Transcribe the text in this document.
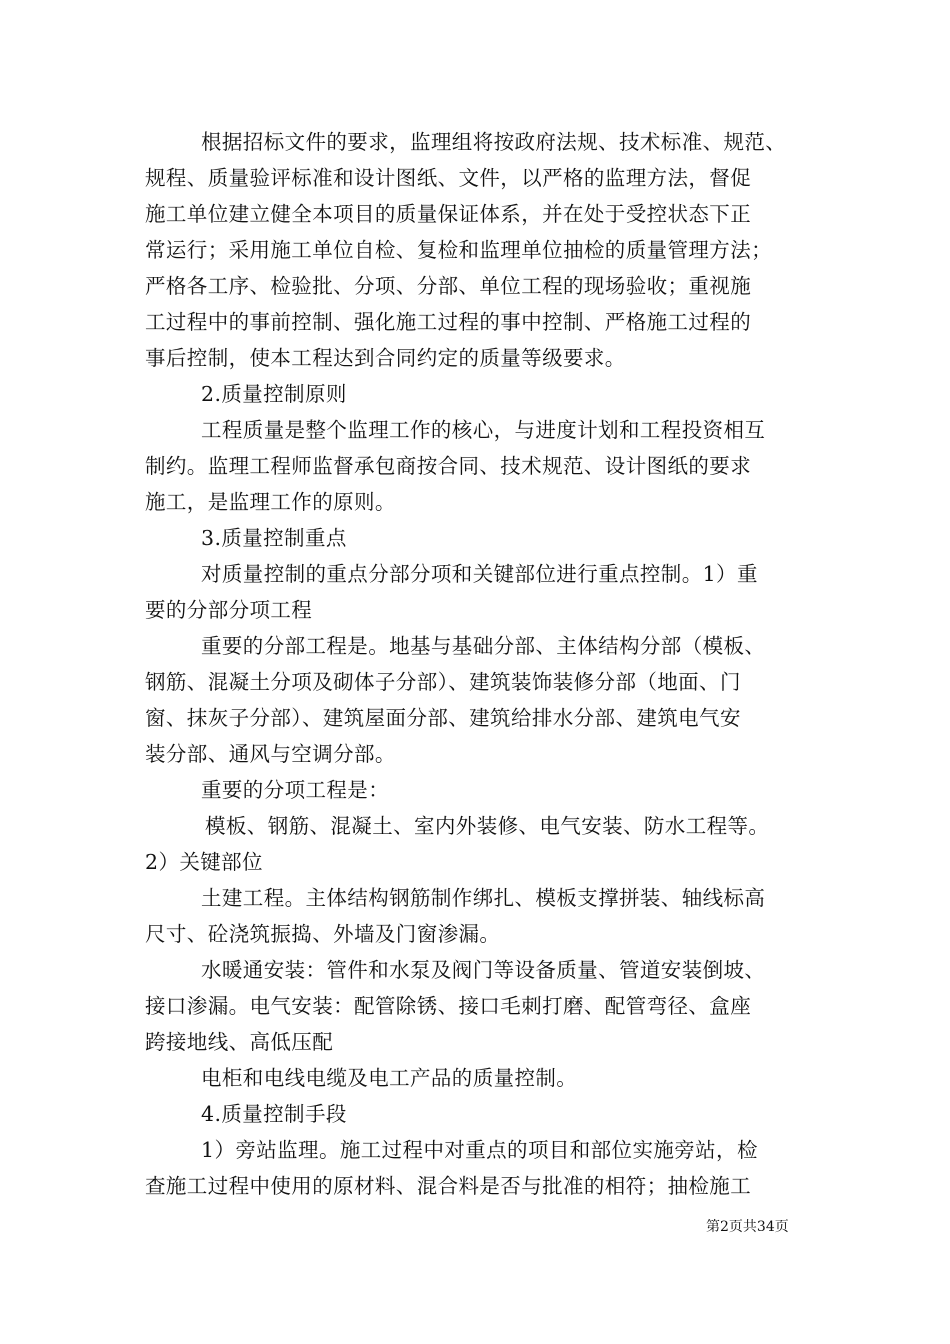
根据招标文件的要求，监理组将按政府法规、技术标准、规范、
规程、质量验评标准和设计图纸、文件，以严格的监理方法，督促
施工单位建立健全本项目的质量保证体系，并在处于受控状态下正
常运行；采用施工单位自检、复检和监理单位抽检的质量管理方法；
严格各工序、检验批、分项、分部、单位工程的现场验收；重视施
工过程中的事前控制、强化施工过程的事中控制、严格施工过程的
事后控制，使本工程达到合同约定的质量等级要求。
2.质量控制原则
工程质量是整个监理工作的核心，与进度计划和工程投资相互
制约。监理工程师监督承包商按合同、技术规范、设计图纸的要求
施工，是监理工作的原则。
3.质量控制重点
对质量控制的重点分部分项和关键部位进行重点控制。1）重
要的分部分项工程
重要的分部工程是。地基与基础分部、主体结构分部（模板、
钢筋、混凝土分项及砌体子分部）、建筑装饰装修分部（地面、门
窗、抹灰子分部）、建筑屋面分部、建筑给排水分部、建筑电气安
装分部、通风与空调分部。
重要的分项工程是：
模板、钢筋、混凝土、室内外装修、电气安装、防水工程等。
2）关键部位
土建工程。主体结构钢筋制作绑扎、模板支撑拼装、轴线标高
尺寸、砼浇筑振捣、外墙及门窗渗漏。
水暖通安装：管件和水泵及阀门等设备质量、管道安装倒坡、
接口渗漏。电气安装：配管除锈、接口毛刺打磨、配管弯径、盒座
跨接地线、高低压配
电柜和电线电缆及电工产品的质量控制。
4.质量控制手段
1）旁站监理。施工过程中对重点的项目和部位实施旁站，检
查施工过程中使用的原材料、混合料是否与批准的相符；抽检施工
第2页共34页
